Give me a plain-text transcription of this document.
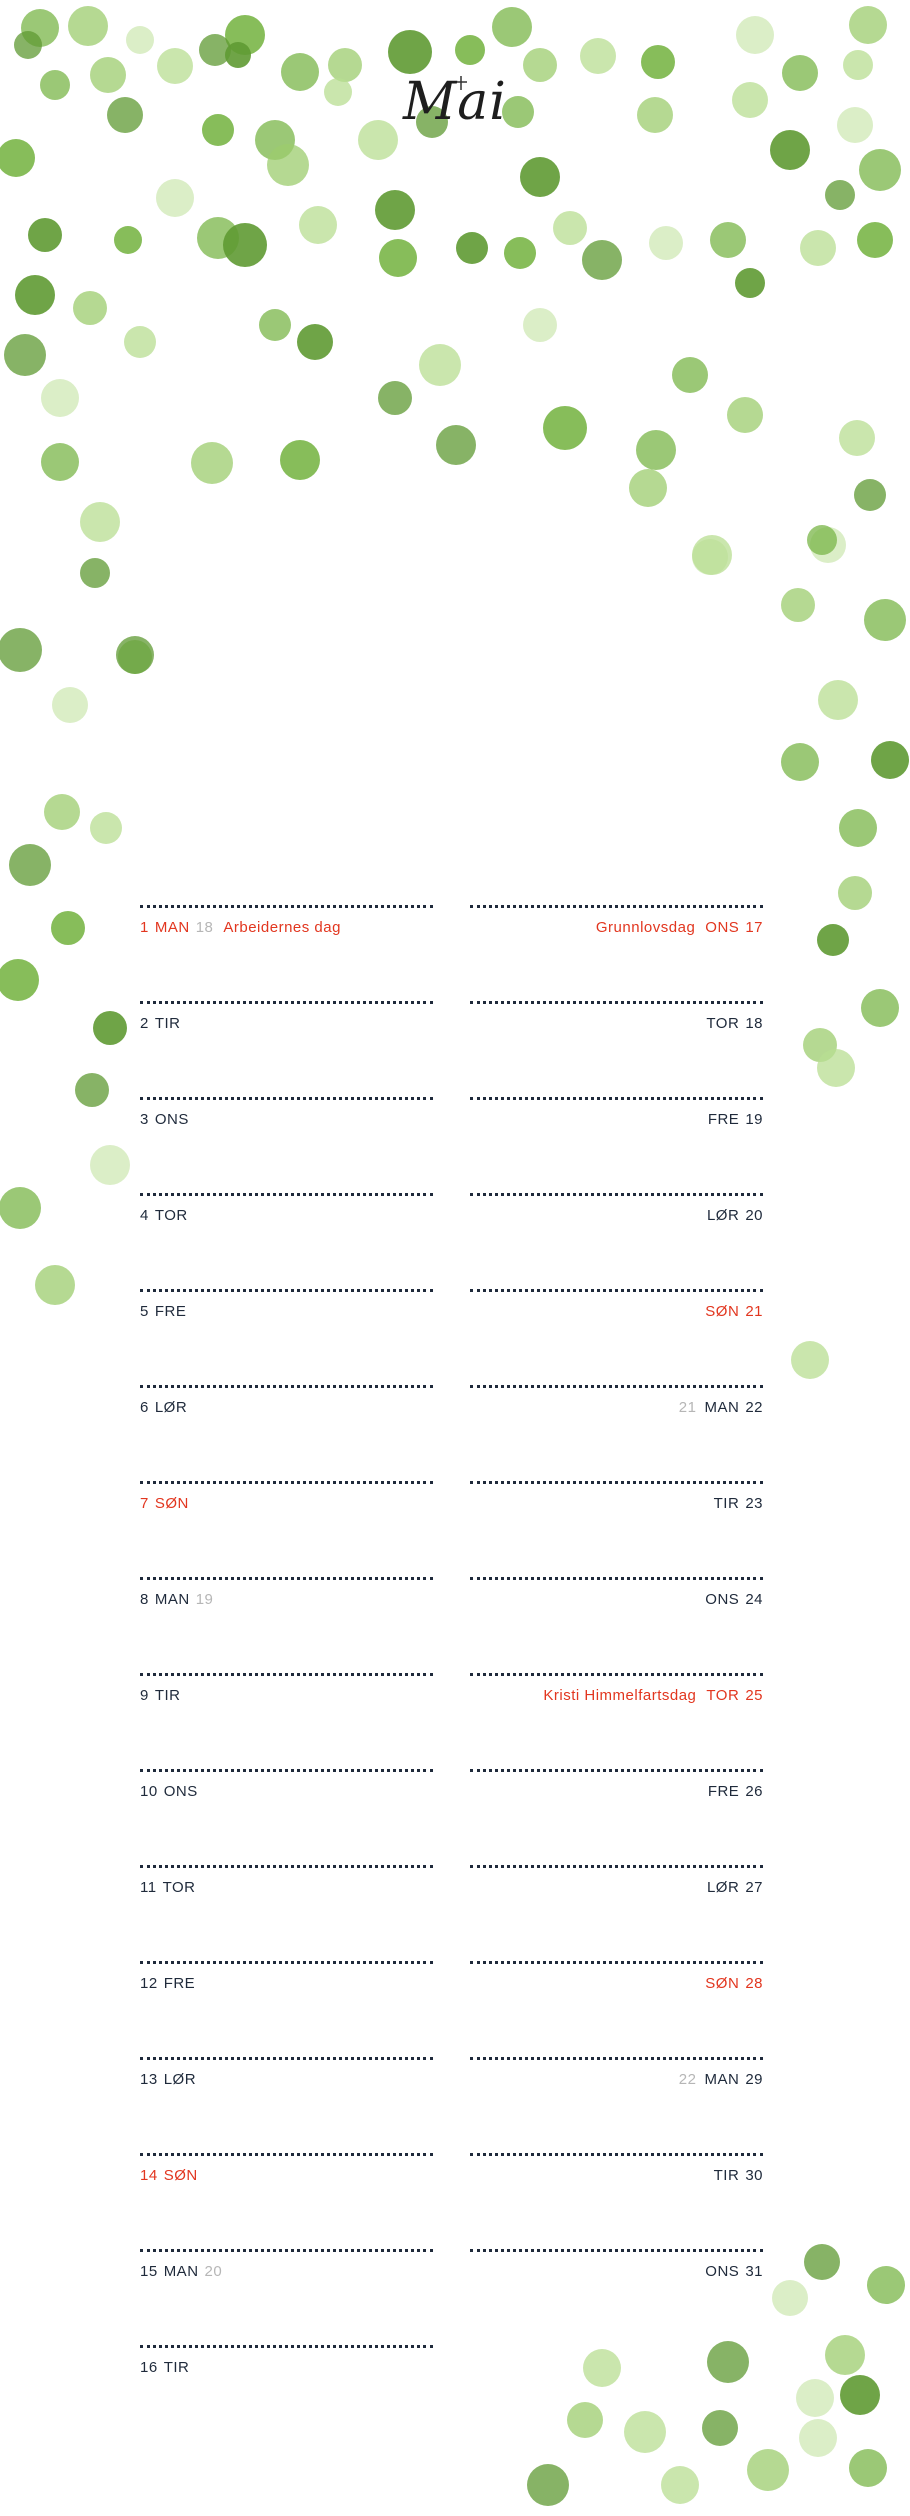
Mai
1 MAN 18 Arbeidernes dag
2 TIR
3 ONS
4 TOR
5 FRE
6 LØR
7 SØN
8 MAN 19
9 TIR
10 ONS
11 TOR
12 FRE
13 LØR
14 SØN
15 MAN 20
16 TIR
Grunnlovsdag ONS 17
TOR 18
FRE 19
LØR 20
SØN 21
21 MAN 22
TIR 23
ONS 24
Kristi Himmelfartsdag TOR 25
FRE 26
LØR 27
SØN 28
22 MAN 29
TIR 30
ONS 31
